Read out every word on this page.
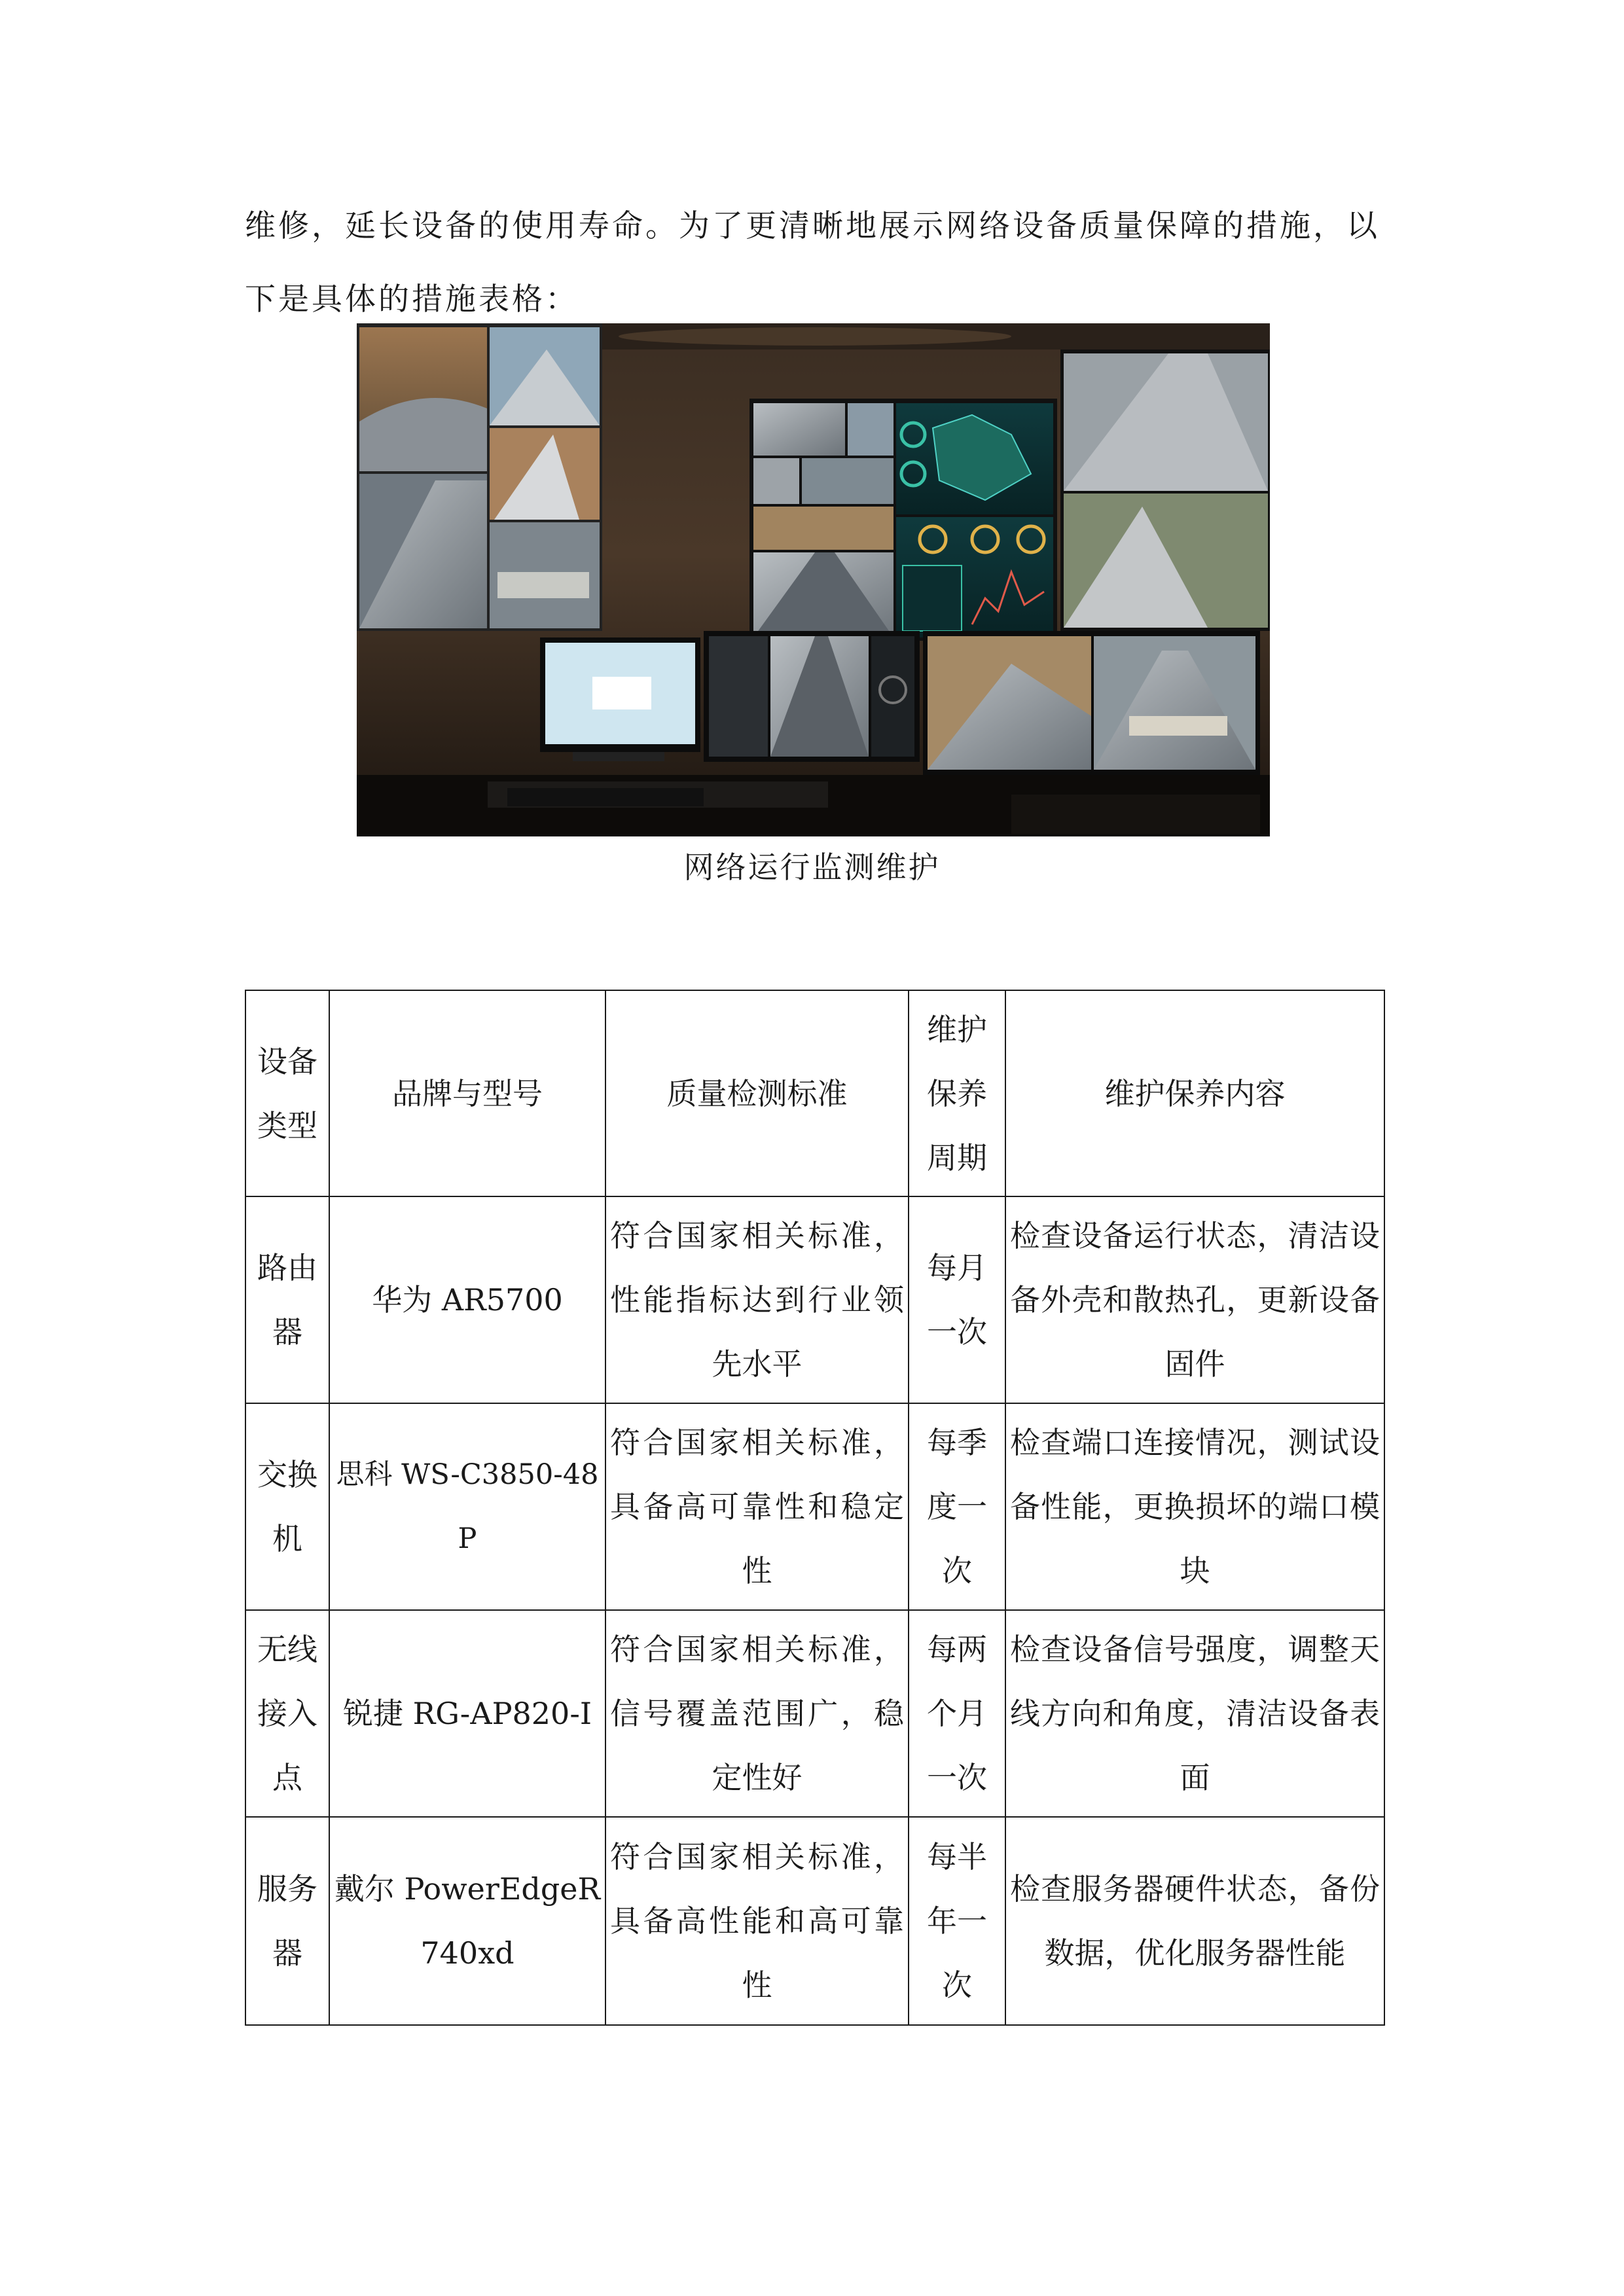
维修，延长设备的使用寿命。为了更清晰地展示网络设备质量保障的措施，以下是具体的措施表格：

网络运行监测维护

设备类型	品牌与型号	质量检测标准	维护保养周期	维护保养内容
路由器	华为 AR5700	符合国家相关标准，性能指标达到行业领先水平	每月一次	检查设备运行状态，清洁设备外壳和散热孔，更新设备固件
交换机	思科 WS-C3850-48P	符合国家相关标准，具备高可靠性和稳定性	每季度一次	检查端口连接情况，测试设备性能，更换损坏的端口模块
无线接入点	锐捷 RG-AP820-I	符合国家相关标准，信号覆盖范围广，稳定性好	每两个月一次	检查设备信号强度，调整天线方向和角度，清洁设备表面
服务器	戴尔 PowerEdgeR740xd	符合国家相关标准，具备高性能和高可靠性	每半年一次	检查服务器硬件状态，备份数据，优化服务器性能
